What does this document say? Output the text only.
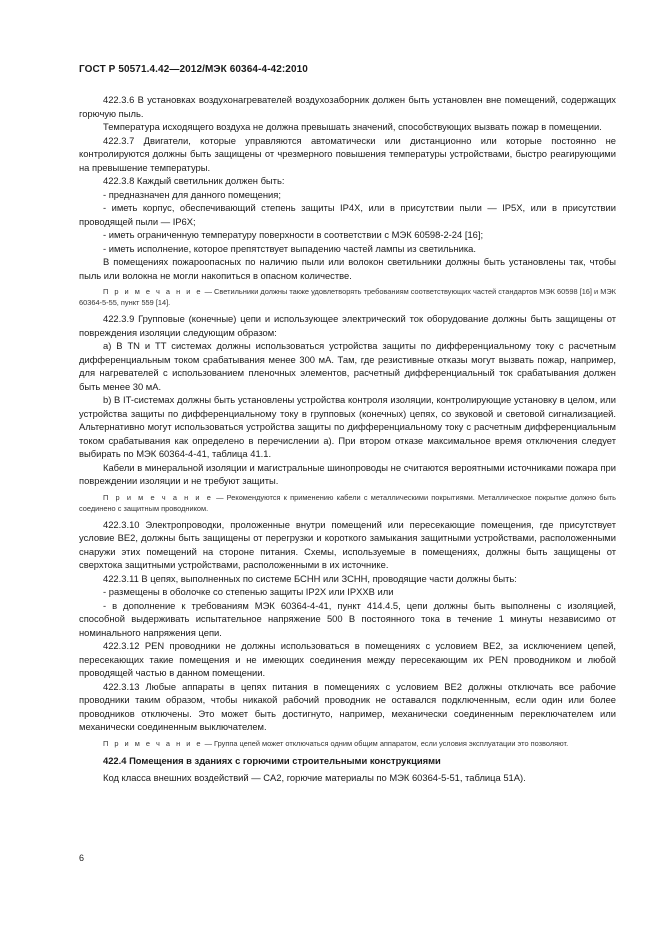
ГОСТ Р 50571.4.42—2012/МЭК 60364-4-42:2010

422.3.6 В установках воздухонагревателей воздухозаборник должен быть установлен вне помещений, содержащих горючую пыль.

Температура исходящего воздуха не должна превышать значений, способствующих вызвать пожар в помещении.

422.3.7 Двигатели, которые управляются автоматически или дистанционно или которые постоянно не контролируются должны быть защищены от чрезмерного повышения температуры устройствами, быстро реагирующими на превышение температуры.

422.3.8 Каждый светильник должен быть:

- предназначен для данного помещения;

- иметь корпус, обеспечивающий степень защиты IP4X, или в присутствии пыли — IP5X, или в присутствии проводящей пыли — IP6X;

- иметь ограниченную температуру поверхности в соответствии с МЭК 60598-2-24 [16];

- иметь исполнение, которое препятствует выпадению частей лампы из светильника.

В помещениях пожароопасных по наличию пыли или волокон светильники должны быть установлены так, чтобы пыль или волокна не могли накопиться в опасном количестве.

П р и м е ч а н и е — Светильники должны также удовлетворять требованиям соответствующих частей стандартов МЭК 60598 [16] и МЭК 60364-5-55, пункт 559 [14].

422.3.9 Групповые (конечные) цепи и использующее электрический ток оборудование должны быть защищены от повреждения изоляции следующим образом:

a) В TN и TT системах должны использоваться устройства защиты по дифференциальному току с расчетным дифференциальным током срабатывания менее 300 мА. Там, где резистивные отказы могут вызвать пожар, например, для нагревателей с использованием пленочных элементов, расчетный дифференциальный ток срабатывания должен быть менее 30 мА.

b) В IT-системах должны быть установлены устройства контроля изоляции, контролирующие установку в целом, или устройства защиты по дифференциальному току в групповых (конечных) цепях, со звуковой и световой сигнализацией. Альтернативно могут использоваться устройства защиты по дифференциальному току с расчетным дифференциальным током срабатывания как определено в перечислении а). При втором отказе максимальное время отключения следует выбирать по МЭК 60364-4-41, таблица 41.1.

Кабели в минеральной изоляции и магистральные шинопроводы не считаются вероятными источниками пожара при повреждении изоляции и не требуют защиты.

П р и м е ч а н и е — Рекомендуются к применению кабели с металлическими покрытиями. Металлическое покрытие должно быть соединено с защитным проводником.

422.3.10 Электропроводки, проложенные внутри помещений или пересекающие помещения, где присутствует условие BE2, должны быть защищены от перегрузки и короткого замыкания защитными устройствами, расположенными снаружи этих помещений на стороне питания. Схемы, используемые в помещениях, должны быть защищены от сверхтока защитными устройствами, расположенными в их источнике.

422.3.11 В цепях, выполненных по системе БСНН или ЗСНН, проводящие части должны быть:

- размещены в оболочке со степенью защиты IP2X или IPXXB или

- в дополнение к требованиям МЭК 60364-4-41, пункт 414.4.5, цепи должны быть выполнены с изоляцией, способной выдерживать испытательное напряжение 500 В постоянного тока в течение 1 минуты независимо от номинального напряжения цепи.

422.3.12 PEN проводники не должны использоваться в помещениях с условием BE2, за исключением цепей, пересекающих такие помещения и не имеющих соединения между пересекающим их PEN проводником и любой проводящей частью в данном помещении.

422.3.13 Любые аппараты в цепях питания в помещениях с условием BE2 должны отключать все рабочие проводники таким образом, чтобы никакой рабочий проводник не оставался подключенным, если один или более проводников отключены. Это может быть достигнуто, например, механически соединенным переключателем или механически соединенным выключателем.

П р и м е ч а н и е — Группа цепей может отключаться одним общим аппаратом, если условия эксплуатации это позволяют.

422.4 Помещения в зданиях с горючими строительными конструкциями

Код класса внешних воздействий — CA2, горючие материалы по МЭК 60364-5-51, таблица 51A).

6
